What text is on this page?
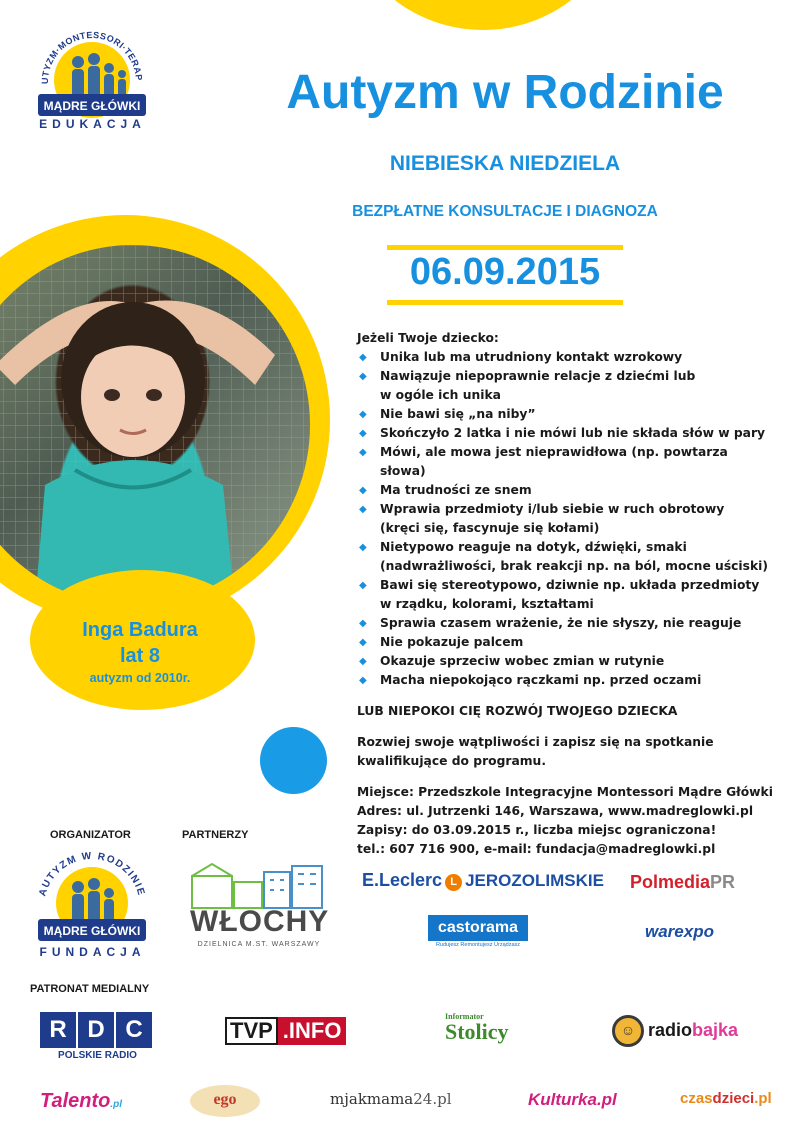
UTYZM·MONTESSORI·TERAP
MĄDRE GŁÓWKI
EDUKACJA
Autyzm w Rodzinie
NIEBIESKA NIEDZIELA
BEZPŁATNE KONSULTACJE I DIAGNOZA
06.09.2015
Jeżeli Twoje dziecko:
◆ Unika lub ma utrudniony kontakt wzrokowy
◆ Nawiązuje niepoprawnie relacje z dziećmi lub
w ogóle ich unika
◆ Nie bawi się „na niby”
◆ Skończyło 2 latka i nie mówi lub nie składa słów w pary
◆ Mówi, ale mowa jest nieprawidłowa (np. powtarza słowa)
◆ Ma trudności ze snem
◆ Wprawia przedmioty i/lub siebie w ruch obrotowy
(kręci się, fascynuje się kołami)
◆ Nietypowo reaguje na dotyk, dźwięki, smaki
(nadwrażliwości, brak reakcji np. na ból, mocne uściski)
◆ Bawi się stereotypowo, dziwnie np. układa przedmioty
w rządku, kolorami, kształtami
◆ Sprawia czasem wrażenie, że nie słyszy, nie reaguje
◆ Nie pokazuje palcem
◆ Okazuje sprzeciw wobec zmian w rutynie
◆ Macha niepokojąco rączkami np. przed oczami
LUB NIEPOKOI CIĘ ROZWÓJ TWOJEGO DZIECKA

Rozwiej swoje wątpliwości i zapisz się na spotkanie

kwalifikujące do programu.

Miejsce: Przedszkole Integracyjne Montessori Mądre Główki

Adres: ul. Jutrzenki 146, Warszawa, www.madreglowki.pl

Zapisy: do 03.09.2015 r., liczba miejsc ograniczona!

tel.: 607 716 900, e-mail: fundacja@madreglowki.pl

Inga Badura
lat 8
autyzm od 2010r.
ORGANIZATOR	PARTNERZY
PATRONAT MEDIALNY
AUTYZM W RODZINIE
MĄDRE GŁÓWKI
FUNDACJA
WŁOCHY
DZIELNICA M.ST. WARSZAWY
E.Leclerc L JEROZOLIMSKIE PolmediaPR
castorama
Rudujesz Remontujesz Urządzasz
warexpo
R D C
POLSKIE RADIO
TVP .INFO
Informator
Stolicy	☺ radiobajka
Talento.pl	ego	mjakmama24.pl	Kulturka.pl	czasdzieci.pl
